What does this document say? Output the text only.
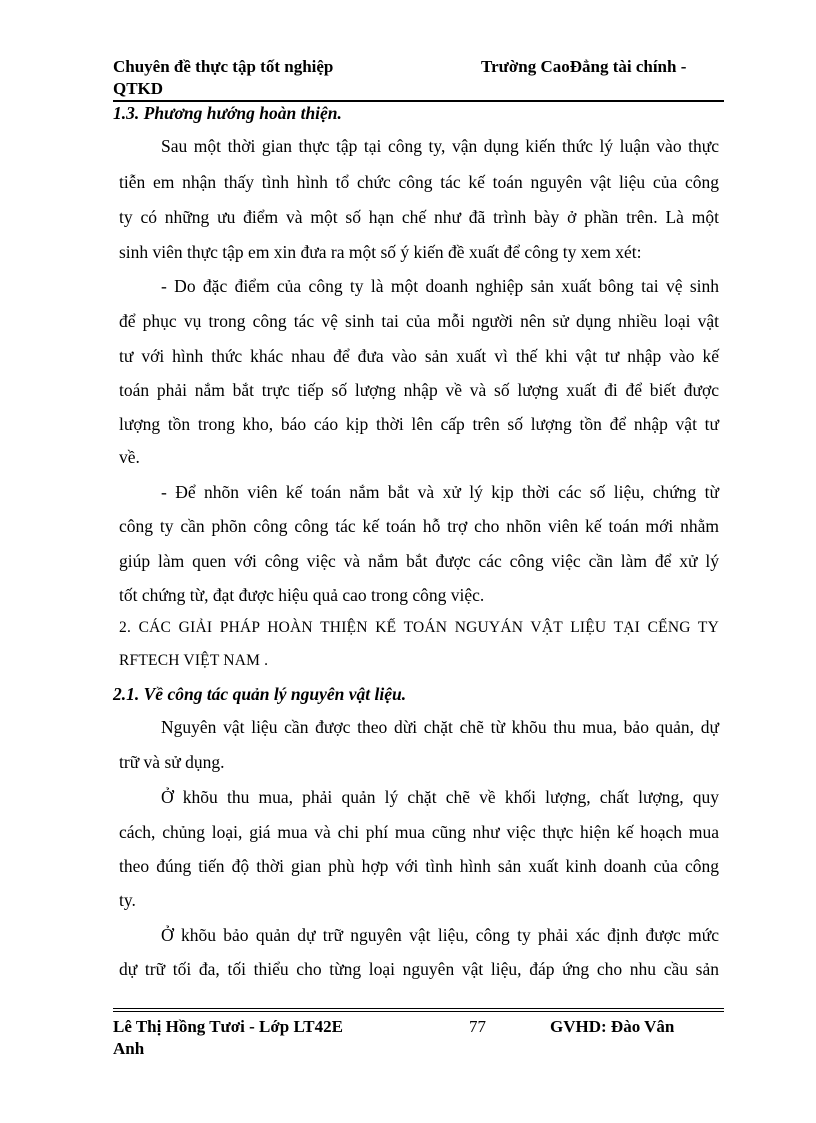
Chuyên đề thực tập tốt nghiệp	Trường CaoĐẳng tài chính -
QTKD
1.3. Phương hướng hoàn thiện.
Sau một thời gian thực tập tại công ty, vận dụng kiến thức lý luận vào thực
tiễn em nhận thấy tình hình tổ chức công tác kế toán nguyên vật liệu của công
ty có những ưu điểm và một số hạn chế như đã trình bày ở phần trên. Là một
sinh viên thực tập em xin đưa ra một số ý kiến đề xuất để công ty xem xét:
- Do đặc điểm của công ty là một doanh nghiệp sản xuất bông tai vệ sinh
để phục vụ trong công tác vệ sinh tai của mỗi người nên sử dụng nhiều loại vật
tư với hình thức khác nhau để đưa vào sản xuất vì thế khi vật tư nhập vào kế
toán phải nắm bắt trực tiếp số lượng nhập về và số lượng xuất đi để biết được
lượng tồn trong kho, báo cáo kịp thời lên cấp trên số lượng tồn để nhập vật tư
về.
- Để nhõn viên kế toán nắm bắt và xử lý kịp thời các số liệu, chứng từ
công ty cần phõn công công tác kế toán hỗ trợ cho nhõn viên kế toán mới nhằm
giúp làm quen với công việc và nắm bắt được các công việc cần làm để xử lý
tốt chứng từ, đạt được hiệu quả cao trong công việc.
2. CÁC GIẢI PHÁP HOÀN THIỆN KẾ TOÁN NGUYÁN VẬT LIỆU TẠI CẾNG TY
RFTECH VIỆT NAM .
2.1. Về công tác quản lý nguyên vật liệu.
Nguyên vật liệu cần được theo dừi chặt chẽ từ khõu thu mua, bảo quản, dự
trữ và sử dụng.
Ở khõu thu mua, phải quản lý chặt chẽ về khối lượng, chất lượng, quy
cách, chủng loại, giá mua và chi phí mua cũng như việc thực hiện kế hoạch mua
theo đúng tiến độ thời gian phù hợp với tình hình sản xuất kinh doanh của công
ty.
Ở khõu bảo quản dự trữ nguyên vật liệu, công ty phải xác định được mức
dự trữ tối đa, tối thiểu cho từng loại nguyên vật liệu, đáp ứng cho nhu cầu sản
Lê Thị Hồng Tươi - Lớp LT42E	77	GVHD: Đào Vân
Anh
